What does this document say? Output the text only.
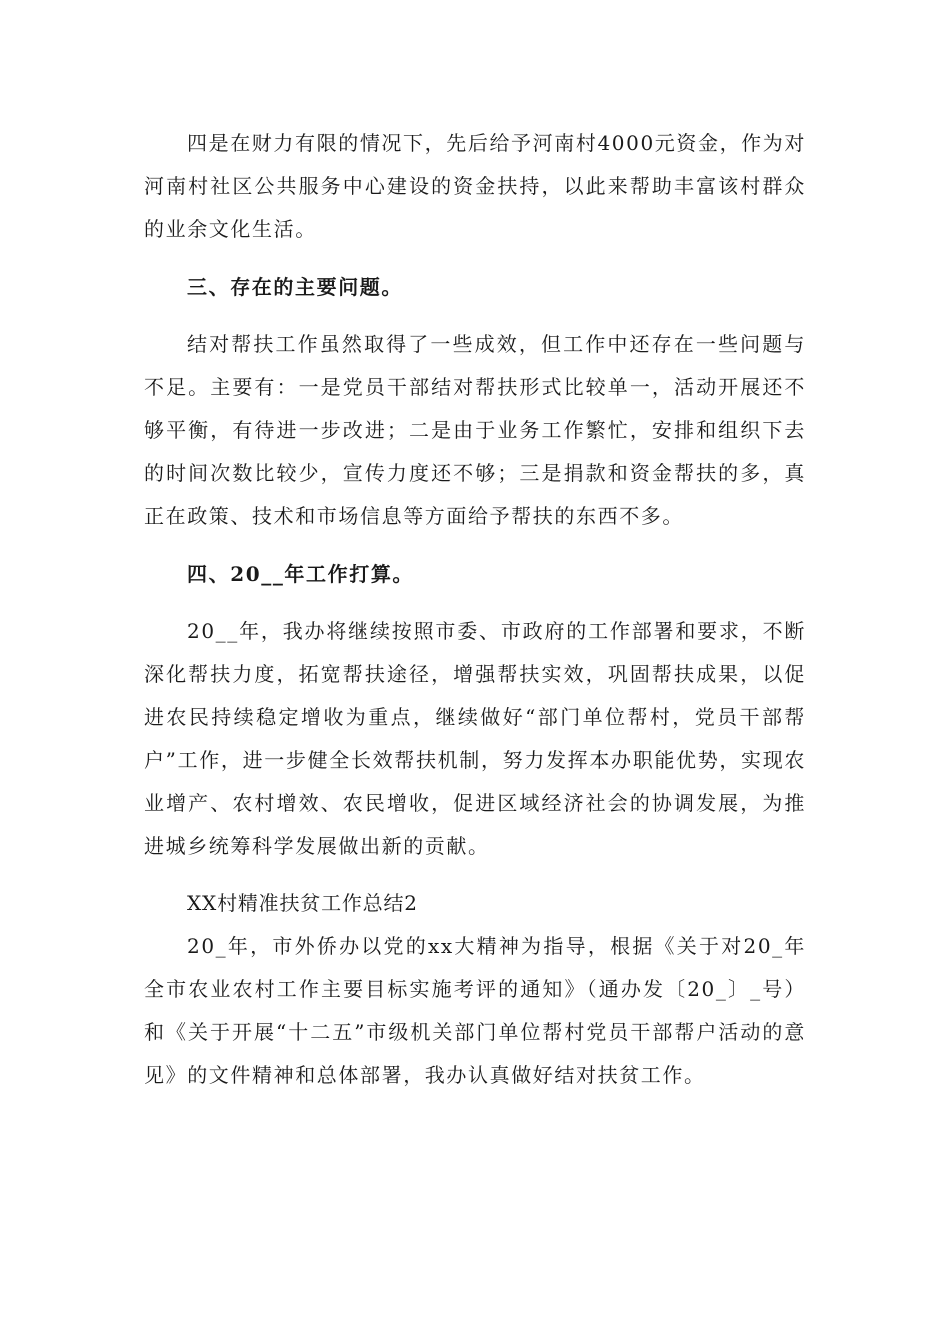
四是在财力有限的情况下，先后给予河南村4000元资金，作为对河南村社区公共服务中心建设的资金扶持，以此来帮助丰富该村群众的业余文化生活。

三、存在的主要问题。

结对帮扶工作虽然取得了一些成效，但工作中还存在一些问题与不足。主要有：一是党员干部结对帮扶形式比较单一，活动开展还不够平衡，有待进一步改进；二是由于业务工作繁忙，安排和组织下去的时间次数比较少，宣传力度还不够；三是捐款和资金帮扶的多，真正在政策、技术和市场信息等方面给予帮扶的东西不多。

四、20__年工作打算。

20__年，我办将继续按照市委、市政府的工作部署和要求，不断深化帮扶力度，拓宽帮扶途径，增强帮扶实效，巩固帮扶成果，以促进农民持续稳定增收为重点，继续做好“部门单位帮村，党员干部帮户”工作，进一步健全长效帮扶机制，努力发挥本办职能优势，实现农业增产、农村增效、农民增收，促进区域经济社会的协调发展，为推进城乡统筹科学发展做出新的贡献。

XX村精准扶贫工作总结2

20_年，市外侨办以党的xx大精神为指导，根据《关于对20_年全市农业农村工作主要目标实施考评的通知》（通办发〔20_〕_号）和《关于开展“十二五”市级机关部门单位帮村党员干部帮户活动的意见》的文件精神和总体部署，我办认真做好结对扶贫工作。
